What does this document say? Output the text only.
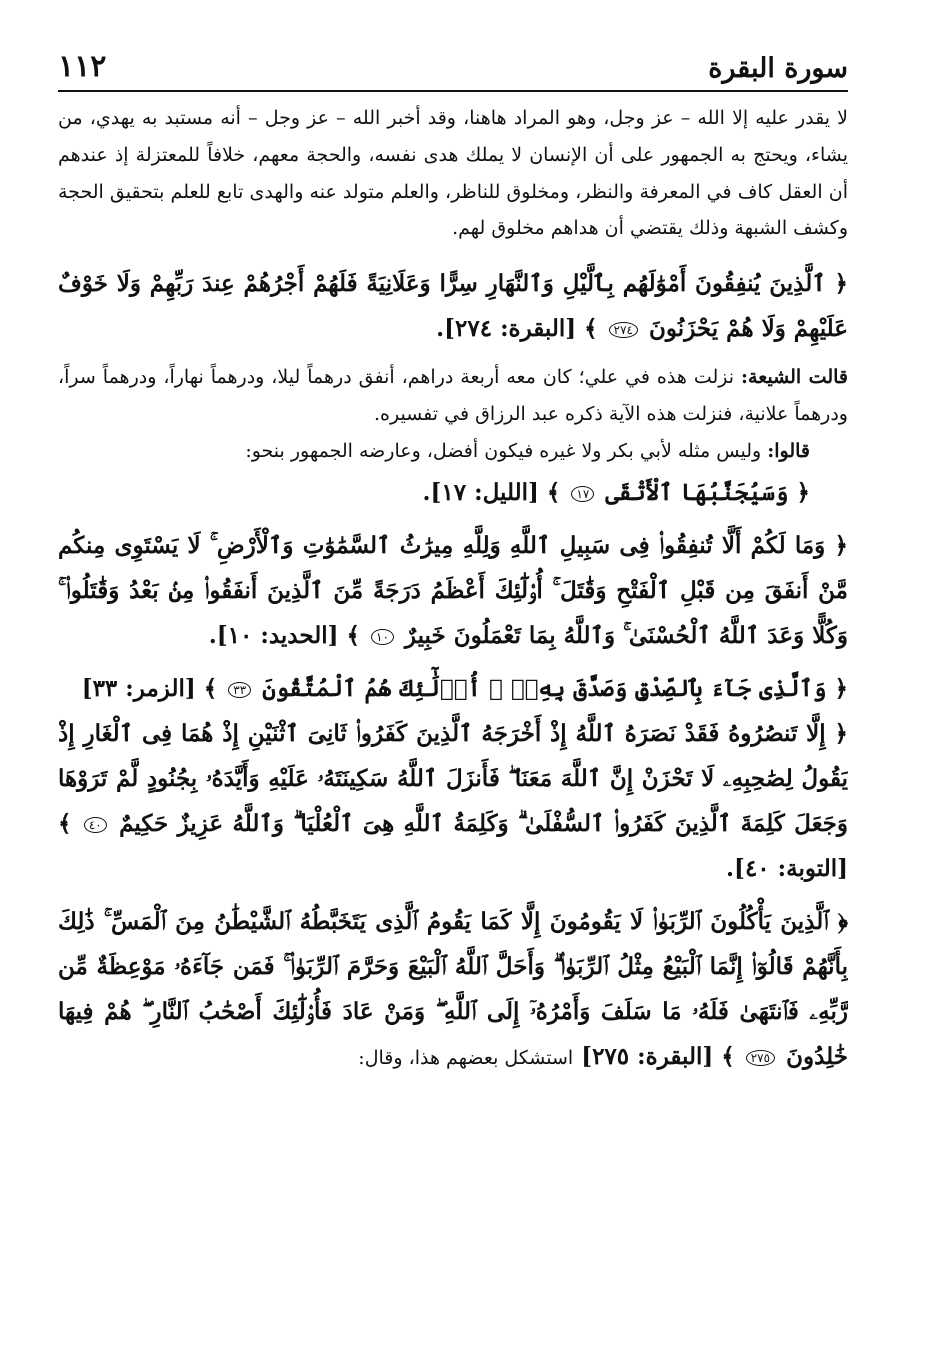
سورة البقرة
١١٢

لا يقدر عليه إلا الله – عز وجل، وهو المراد هاهنا، وقد أخبر الله – عز وجل – أنه مستبد به يهدي، من يشاء، ويحتج به الجمهور على أن الإنسان لا يملك هدى نفسه، والحجة معهم، خلافاً للمعتزلة إذ عندهم أن العقل كاف في المعرفة والنظر، ومخلوق للناظر، والعلم متولد عنه والهدى تابع للعلم بتحقيق الحجة وكشف الشبهة وذلك يقتضي أن هداهم مخلوق لهم.

﴿ ٱلَّذِينَ يُنفِقُونَ أَمْوَٰلَهُم بِٱلَّيْلِ وَٱلنَّهَارِ سِرًّا وَعَلَانِيَةً فَلَهُمْ أَجْرُهُمْ عِندَ رَبِّهِمْ وَلَا خَوْفٌ عَلَيْهِمْ وَلَا هُمْ يَحْزَنُونَ ٢٧٤ ﴾ [البقرة: ٢٧٤].

قالت الشيعة: نزلت هذه في علي؛ كان معه أربعة دراهم، أنفق درهماً ليلا، ودرهماً نهاراً، ودرهماً سراً، ودرهماً علانية، فنزلت هذه الآية ذكره عبد الرزاق في تفسيره.

قالوا: وليس مثله لأبي بكر ولا غيره فيكون أفضل، وعارضه الجمهور بنحو:

﴿ وَسَيُجَنَّبُهَا ٱلْأَتْقَى ١٧ ﴾ [الليل: ١٧].

﴿ وَمَا لَكُمْ أَلَّا تُنفِقُوا۟ فِى سَبِيلِ ٱللَّهِ وَلِلَّهِ مِيرَٰثُ ٱلسَّمَٰوَٰتِ وَٱلْأَرْضِ ۚ لَا يَسْتَوِى مِنكُم مَّنْ أَنفَقَ مِن قَبْلِ ٱلْفَتْحِ وَقَٰتَلَ ۚ أُو۟لَٰٓئِكَ أَعْظَمُ دَرَجَةً مِّنَ ٱلَّذِينَ أَنفَقُوا۟ مِنۢ بَعْدُ وَقَٰتَلُوا۟ ۚ وَكُلًّا وَعَدَ ٱللَّهُ ٱلْحُسْنَىٰ ۚ وَٱللَّهُ بِمَا تَعْمَلُونَ خَبِيرٌ ١٠ ﴾ [الحديد: ١٠].

﴿ وَٱلَّذِى جَآءَ بِٱلصِّدْقِ وَصَدَّقَ بِهِۦٓ ۙ أُو۟لَٰٓئِكَ هُمُ ٱلْمُتَّقُونَ ٣٣ ﴾ [الزمر: ٣٣]

﴿ إِلَّا تَنصُرُوهُ فَقَدْ نَصَرَهُ ٱللَّهُ إِذْ أَخْرَجَهُ ٱلَّذِينَ كَفَرُوا۟ ثَانِىَ ٱثْنَيْنِ إِذْ هُمَا فِى ٱلْغَارِ إِذْ يَقُولُ لِصَٰحِبِهِۦ لَا تَحْزَنْ إِنَّ ٱللَّهَ مَعَنَا ۖ فَأَنزَلَ ٱللَّهُ سَكِينَتَهُۥ عَلَيْهِ وَأَيَّدَهُۥ بِجُنُودٍ لَّمْ تَرَوْهَا وَجَعَلَ كَلِمَةَ ٱلَّذِينَ كَفَرُوا۟ ٱلسُّفْلَىٰ ۗ وَكَلِمَةُ ٱللَّهِ هِىَ ٱلْعُلْيَا ۗ وَٱللَّهُ عَزِيزٌ حَكِيمٌ ٤٠ ﴾ [التوبة: ٤٠].

﴿ ٱلَّذِينَ يَأْكُلُونَ ٱلرِّبَوٰا۟ لَا يَقُومُونَ إِلَّا كَمَا يَقُومُ ٱلَّذِى يَتَخَبَّطُهُ ٱلشَّيْطَٰنُ مِنَ ٱلْمَسِّ ۚ ذَٰلِكَ بِأَنَّهُمْ قَالُوٓا۟ إِنَّمَا ٱلْبَيْعُ مِثْلُ ٱلرِّبَوٰا۟ ۗ وَأَحَلَّ ٱللَّهُ ٱلْبَيْعَ وَحَرَّمَ ٱلرِّبَوٰا۟ ۚ فَمَن جَآءَهُۥ مَوْعِظَةٌ مِّن رَّبِّهِۦ فَٱنتَهَىٰ فَلَهُۥ مَا سَلَفَ وَأَمْرُهُۥٓ إِلَى ٱللَّهِ ۖ وَمَنْ عَادَ فَأُو۟لَٰٓئِكَ أَصْحَٰبُ ٱلنَّارِ ۖ هُمْ فِيهَا خَٰلِدُونَ ٢٧٥ ﴾ [البقرة: ٢٧٥] استشكل بعضهم هذا، وقال:
